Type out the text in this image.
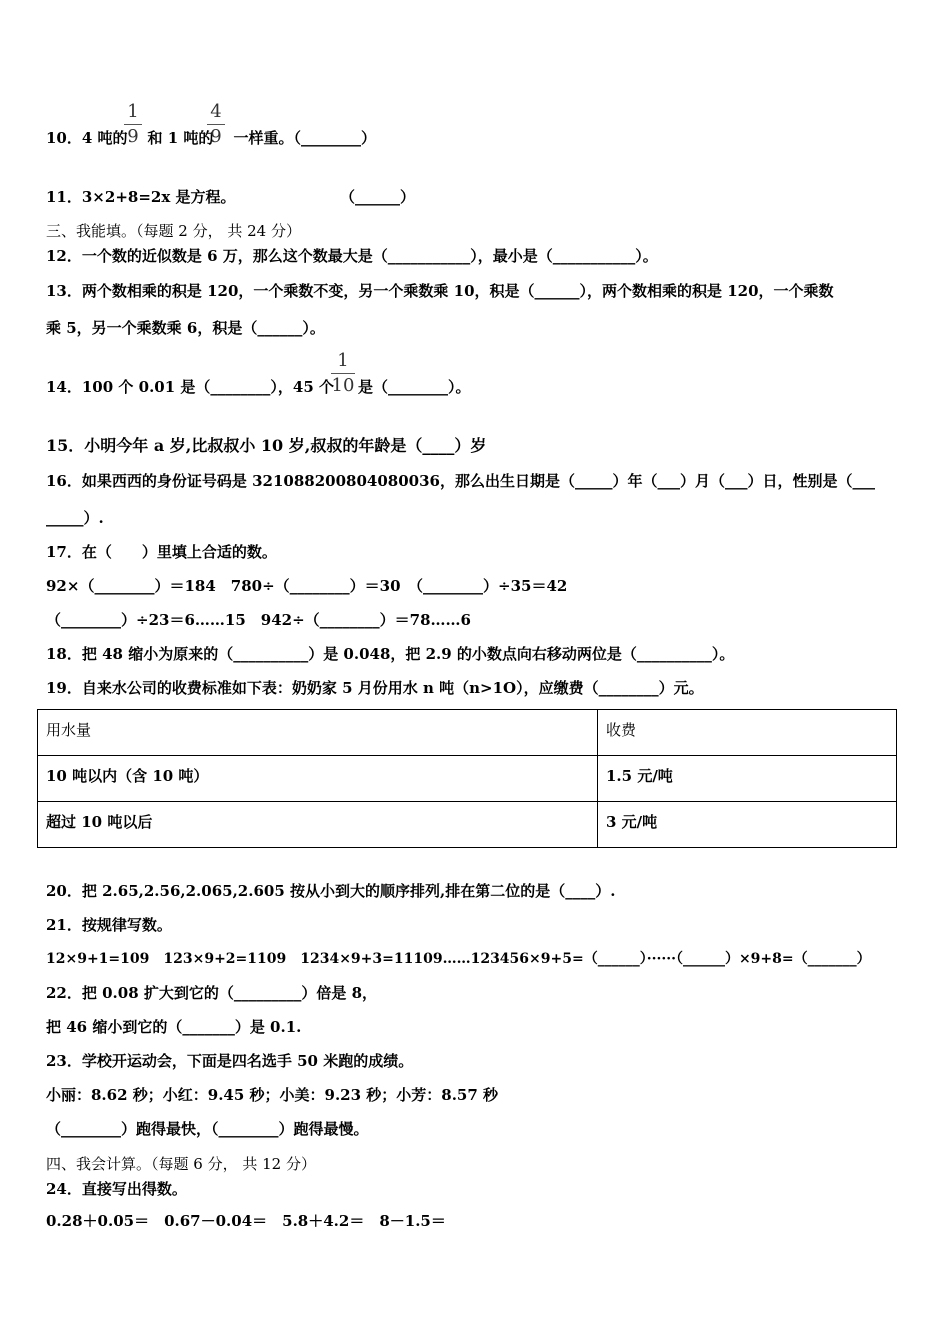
10．4 吨的 和 1 吨的 一样重。（________）
1
9
4
9
11．3×2+8=2x 是方程。	（______）
三、我能填。（每题 2 分， 共 24 分）
12．一个数的近似数是 6 万，那么这个数最大是（___________），最小是（___________）。
13．两个数相乘的积是 120，一个乘数不变，另一个乘数乘 10，积是（______），两个数相乘的积是 120，一个乘数
乘 5，另一个乘数乘 6，积是（______）。
14．100 个 0.01 是（________），45 个 是（________）。
1
10
15．小明今年 a 岁,比叔叔小 10 岁,叔叔的年龄是（____）岁
16．如果西西的身份证号码是 321088200804080036，那么出生日期是（_____）年（___）月（___）日，性别是（___
_____）.
17．在（　　）里填上合适的数。
92×（________）＝184　780÷（________）＝30　（________）÷35＝42
（________）÷23＝6……15　942÷（________）＝78……6
18．把 48 缩小为原来的（__________）是 0.048，把 2.9 的小数点向右移动两位是（__________）。
19．自来水公司的收费标准如下表：奶奶家 5 月份用水 n 吨（n>1O），应缴费（________）元。
用水量	收费
10 吨以内（含 10 吨）	1.5 元/吨
超过 10 吨以后	3 元/吨
20．把 2.65,2.56,2.065,2.605 按从小到大的顺序排列,排在第二位的是（____）.
21．按规律写数。
12×9+1=109　123×9+2=1109　1234×9+3=11109……123456×9+5=（______）······（______）×9+8=（_______）
22．把 0.08 扩大到它的（_________）倍是 8，
把 46 缩小到它的（_______）是 0.1.
23．学校开运动会，下面是四名选手 50 米跑的成绩。
小丽：8.62 秒；小红：9.45 秒；小美：9.23 秒；小芳：8.57 秒
（________）跑得最快，（________）跑得最慢。
四、我会计算。（每题 6 分， 共 12 分）
24．直接写出得数。
0.28＋0.05＝　0.67－0.04＝　5.8＋4.2＝　8－1.5＝
